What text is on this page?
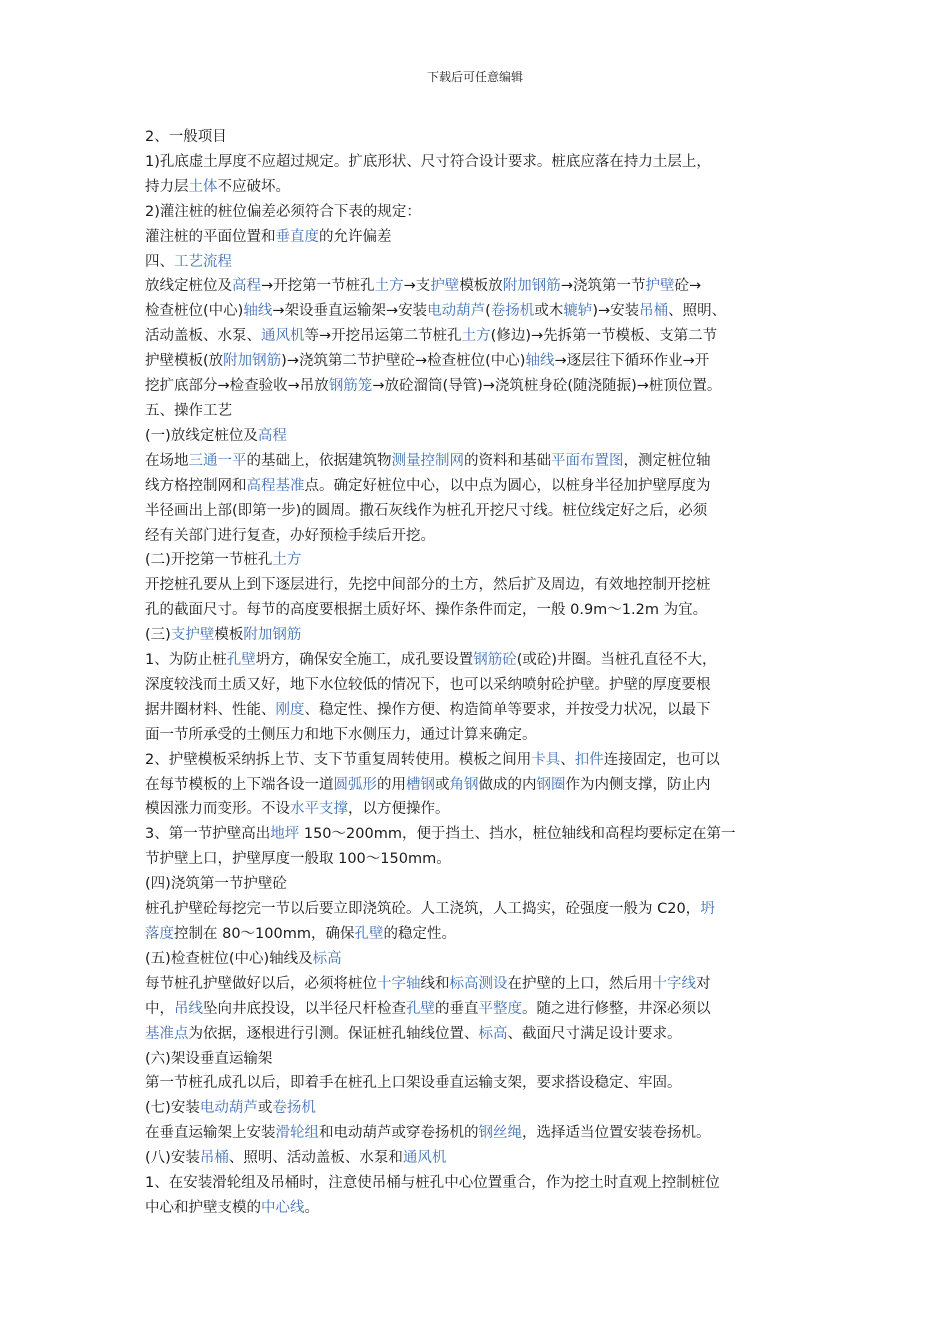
下载后可任意编辑

2、一般项目

1)孔底虚土厚度不应超过规定。扩底形状、尺寸符合设计要求。桩底应落在持力土层上，

持力层土体不应破坏。

2)灌注桩的桩位偏差必须符合下表的规定：

灌注桩的平面位置和垂直度的允许偏差

四、工艺流程

放线定桩位及高程→开挖第一节桩孔土方→支护壁模板放附加钢筋→浇筑第一节护壁砼→

检查桩位(中心)轴线→架设垂直运输架→安装电动葫芦(卷扬机或木辘轳)→安装吊桶、照明、

活动盖板、水泵、通风机等→开挖吊运第二节桩孔土方(修边)→先拆第一节模板、支第二节

护壁模板(放附加钢筋)→浇筑第二节护壁砼→检查桩位(中心)轴线→逐层往下循环作业→开

挖扩底部分→检查验收→吊放钢筋笼→放砼溜筒(导管)→浇筑桩身砼(随浇随振)→桩顶位置。

五、操作工艺

(一)放线定桩位及高程

在场地三通一平的基础上，依据建筑物测量控制网的资料和基础平面布置图，测定桩位轴

线方格控制网和高程基准点。确定好桩位中心，以中点为圆心，以桩身半径加护壁厚度为

半径画出上部(即第一步)的圆周。撒石灰线作为桩孔开挖尺寸线。桩位线定好之后，必须

经有关部门进行复查，办好预检手续后开挖。

(二)开挖第一节桩孔土方

开挖桩孔要从上到下逐层进行，先挖中间部分的土方，然后扩及周边，有效地控制开挖桩

孔的截面尺寸。每节的高度要根据土质好坏、操作条件而定，一般 0.9m～1.2m 为宜。

(三)支护壁模板附加钢筋

1、为防止桩孔壁坍方，确保安全施工，成孔要设置钢筋砼(或砼)井圈。当桩孔直径不大，

深度较浅而土质又好，地下水位较低的情况下，也可以采纳喷射砼护壁。护壁的厚度要根

据井圈材料、性能、刚度、稳定性、操作方便、构造简单等要求，并按受力状况，以最下

面一节所承受的土侧压力和地下水侧压力，通过计算来确定。

2、护壁模板采纳拆上节、支下节重复周转使用。模板之间用卡具、扣件连接固定，也可以

在每节模板的上下端各设一道圆弧形的用槽钢或角钢做成的内钢圈作为内侧支撑，防止内

模因涨力而变形。不设水平支撑，以方便操作。

3、第一节护壁高出地坪 150～200mm，便于挡土、挡水，桩位轴线和高程均要标定在第一

节护壁上口，护壁厚度一般取 100～150mm。

(四)浇筑第一节护壁砼

桩孔护壁砼每挖完一节以后要立即浇筑砼。人工浇筑，人工捣实，砼强度一般为 C20，坍

落度控制在 80～100mm，确保孔壁的稳定性。

(五)检查桩位(中心)轴线及标高

每节桩孔护壁做好以后，必须将桩位十字轴线和标高测设在护壁的上口，然后用十字线对

中，吊线坠向井底投设，以半径尺杆检查孔壁的垂直平整度。随之进行修整，井深必须以

基准点为依据，逐根进行引测。保证桩孔轴线位置、标高、截面尺寸满足设计要求。

(六)架设垂直运输架

第一节桩孔成孔以后，即着手在桩孔上口架设垂直运输支架，要求搭设稳定、牢固。

(七)安装电动葫芦或卷扬机

在垂直运输架上安装滑轮组和电动葫芦或穿卷扬机的钢丝绳，选择适当位置安装卷扬机。

(八)安装吊桶、照明、活动盖板、水泵和通风机

1、在安装滑轮组及吊桶时，注意使吊桶与桩孔中心位置重合，作为挖土时直观上控制桩位

中心和护壁支模的中心线。
